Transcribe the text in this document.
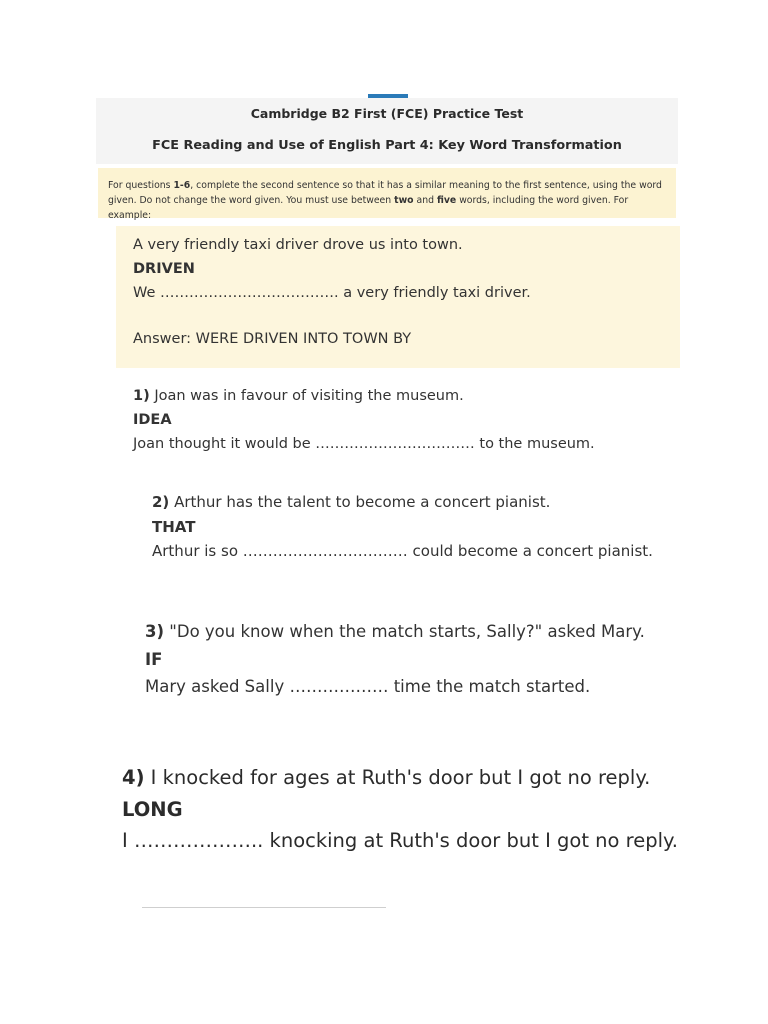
Cambridge B2 First (FCE) Practice Test
FCE Reading and Use of English Part 4: Key Word Transformation
For questions 1-6, complete the second sentence so that it has a similar meaning to the first sentence, using the word given. Do not change the word given. You must use between two and five words, including the word given. For example:
A very friendly taxi driver drove us into town.
DRIVEN
We ………………………………. a very friendly taxi driver.
Answer: WERE DRIVEN INTO TOWN BY
1) Joan was in favour of visiting the museum.
IDEA
Joan thought it would be …………………………… to the museum.
2) Arthur has the talent to become a concert pianist.
THAT
Arthur is so …………………………… could become a concert pianist.
3) "Do you know when the match starts, Sally?" asked Mary.
IF
Mary asked Sally ……………… time the match started.
4) I knocked for ages at Ruth's door but I got no reply.
LONG
I ……………….. knocking at Ruth's door but I got no reply.
